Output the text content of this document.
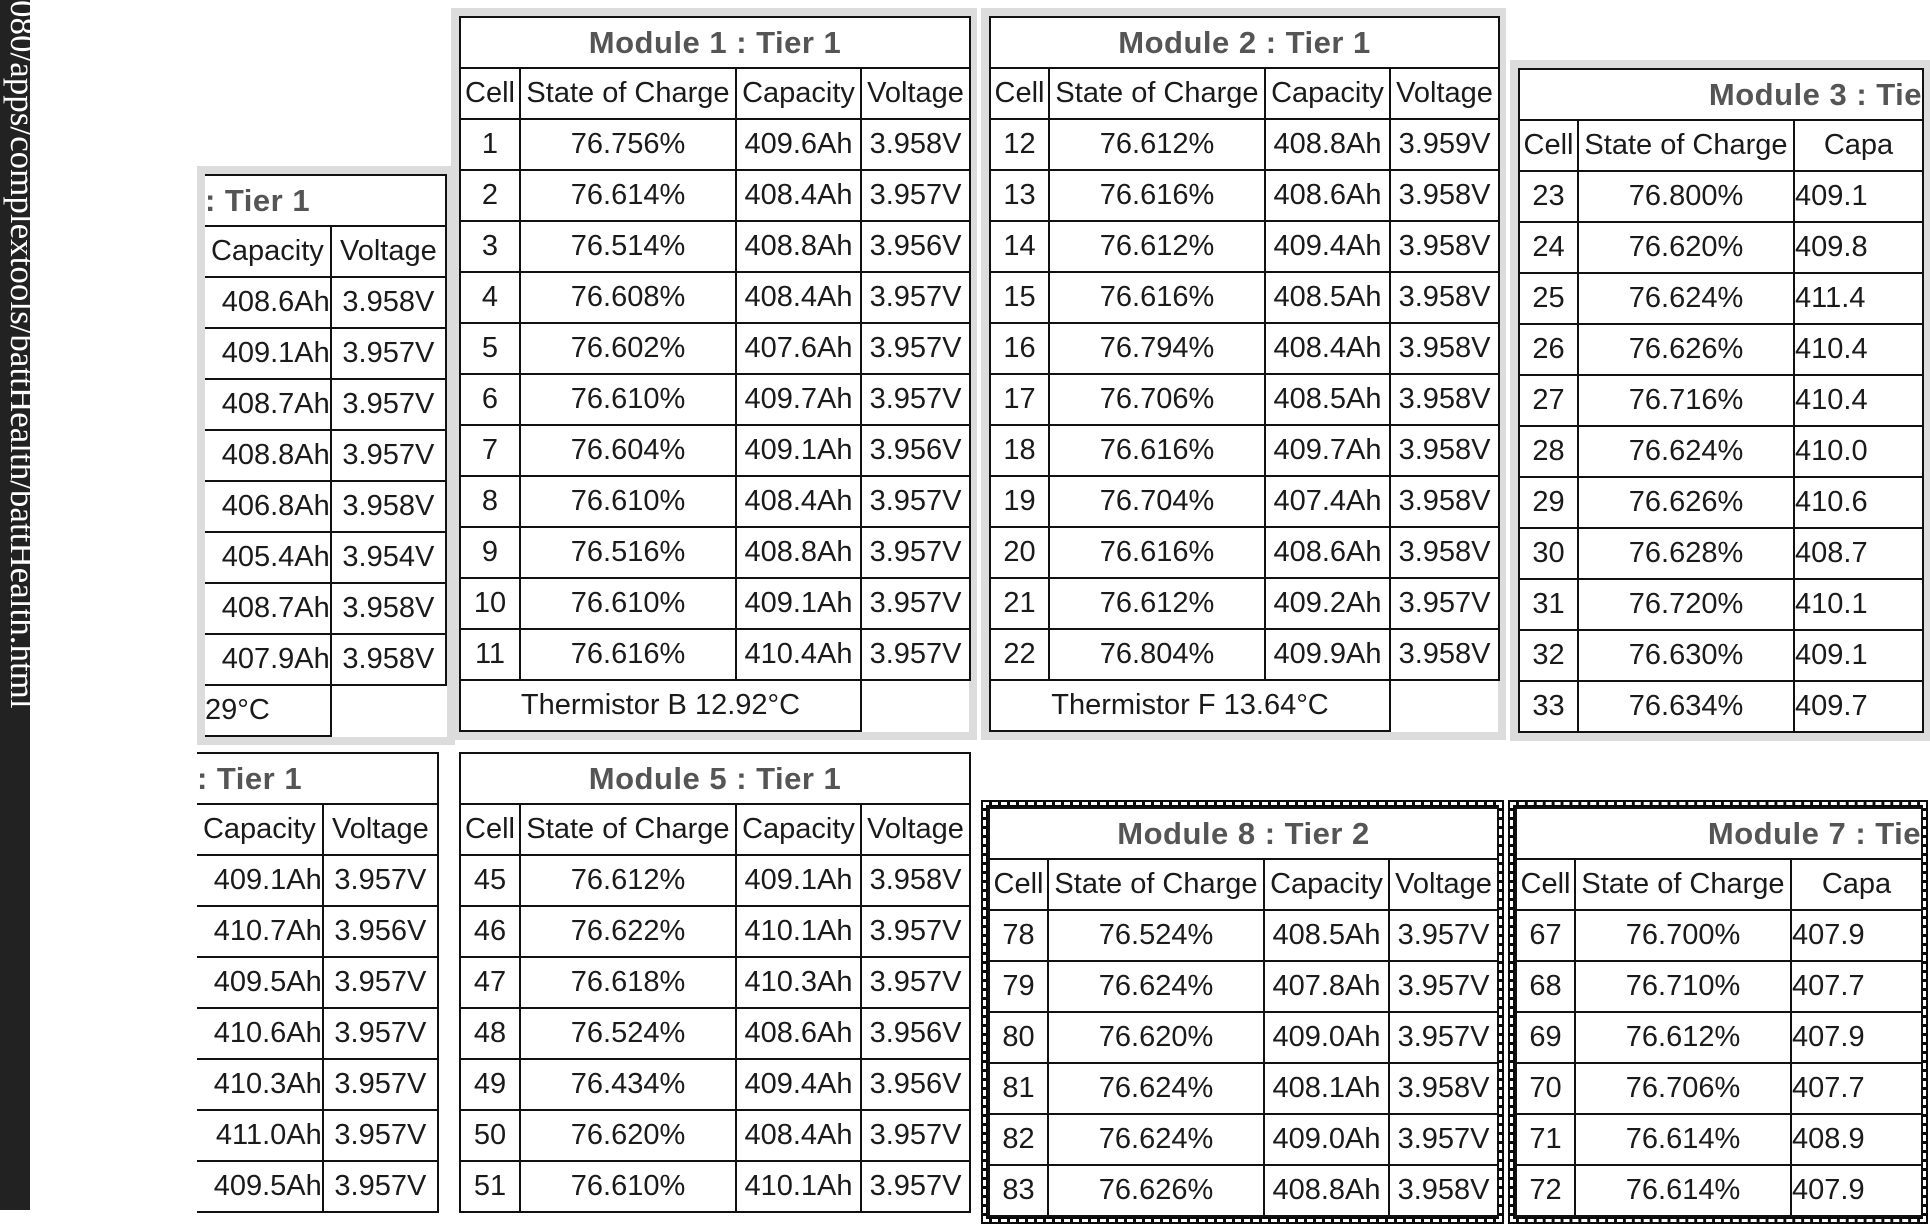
080/apps/complextools/battHealth/battHealth.html	: Tier 1	
Capacity	Voltage
408.6Ah	3.958V
409.1Ah	3.957V
408.7Ah	3.957V
408.8Ah	3.957V
406.8Ah	3.958V
405.4Ah	3.954V
408.7Ah	3.958V
407.9Ah	3.958V
29°C	
Module 1 : Tier 1			
Cell	State of Charge	Capacity	Voltage
1	76.756%	409.6Ah	3.958V
2	76.614%	408.4Ah	3.957V
3	76.514%	408.8Ah	3.956V
4	76.608%	408.4Ah	3.957V
5	76.602%	407.6Ah	3.957V
6	76.610%	409.7Ah	3.957V
7	76.604%	409.1Ah	3.956V
8	76.610%	408.4Ah	3.957V
9	76.516%	408.8Ah	3.957V
10	76.610%	409.1Ah	3.957V
11	76.616%	410.4Ah	3.957V
Thermistor B 12.92°C			
Module 2 : Tier 1			
Cell	State of Charge	Capacity	Voltage
12	76.612%	408.8Ah	3.959V
13	76.616%	408.6Ah	3.958V
14	76.612%	409.4Ah	3.958V
15	76.616%	408.5Ah	3.958V
16	76.794%	408.4Ah	3.958V
17	76.706%	408.5Ah	3.958V
18	76.616%	409.7Ah	3.958V
19	76.704%	407.4Ah	3.958V
20	76.616%	408.6Ah	3.958V
21	76.612%	409.2Ah	3.957V
22	76.804%	409.9Ah	3.958V
Thermistor F 13.64°C			
Module 3 : Tie		
Cell	State of Charge	Capa
23	76.800%	409.1
24	76.620%	409.8
25	76.624%	411.4
26	76.626%	410.4
27	76.716%	410.4
28	76.624%	410.0
29	76.626%	410.6
30	76.628%	408.7
31	76.720%	410.1
32	76.630%	409.1
33	76.634%	409.7
: Tier 1	
Capacity	Voltage
409.1Ah	3.957V
410.7Ah	3.956V
409.5Ah	3.957V
410.6Ah	3.957V
410.3Ah	3.957V
411.0Ah	3.957V
409.5Ah	3.957V
Module 5 : Tier 1			
Cell	State of Charge	Capacity	Voltage
45	76.612%	409.1Ah	3.958V
46	76.622%	410.1Ah	3.957V
47	76.618%	410.3Ah	3.957V
48	76.524%	408.6Ah	3.956V
49	76.434%	409.4Ah	3.956V
50	76.620%	408.4Ah	3.957V
51	76.610%	410.1Ah	3.957V
Module 8 : Tier 2			
Cell	State of Charge	Capacity	Voltage
78	76.524%	408.5Ah	3.957V
79	76.624%	407.8Ah	3.957V
80	76.620%	409.0Ah	3.957V
81	76.624%	408.1Ah	3.958V
82	76.624%	409.0Ah	3.957V
83	76.626%	408.8Ah	3.958V
Module 7 : Tie		
Cell	State of Charge	Capa
67	76.700%	407.9
68	76.710%	407.7
69	76.612%	407.9
70	76.706%	407.7
71	76.614%	408.9
72	76.614%	407.9
